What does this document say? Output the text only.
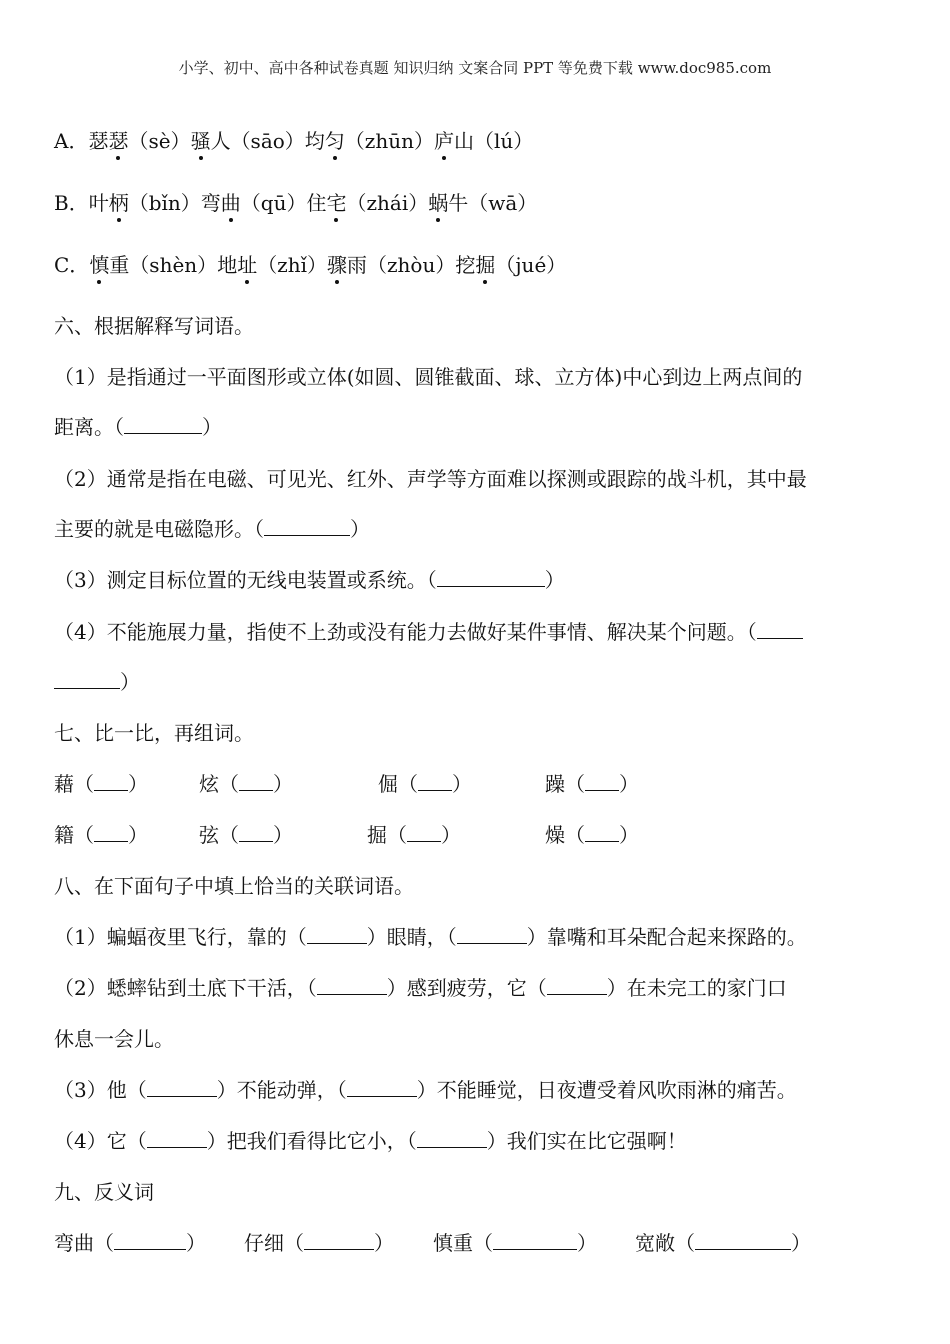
小学、初中、高中各种试卷真题 知识归纳 文案合同 PPT 等免费下载 www.doc985.com
A．瑟瑟（sè）骚人（sāo）均匀（zhūn）庐山（lú）
B．叶柄（bǐn）弯曲（qū）住宅（zhái）蜗牛（wā）
C．慎重（shèn）地址（zhǐ）骤雨（zhòu）挖掘（jué）
六、根据解释写词语。
（1）是指通过一平面图形或立体(如圆、圆锥截面、球、立方体)中心到边上两点间的
距离。（	）
（2）通常是指在电磁、可见光、红外、声学等方面难以探测或跟踪的战斗机，其中最
主要的就是电磁隐形。（	）
（3）测定目标位置的无线电装置或系统。（	）
（4）不能施展力量，指使不上劲或没有能力去做好某件事情、解决某个问题。（
）
七、比一比，再组词。
藉（ ）	炫（ ）	倔（ ）	躁（ ）
籍（ ）	弦（ ）	掘（ ）	燥（ ）
八、在下面句子中填上恰当的关联词语。
（1）蝙蝠夜里飞行，靠的（	）眼睛，（	）靠嘴和耳朵配合起来探路的。
（2）蟋蟀钻到土底下干活，（	）感到疲劳，它（	）在未完工的家门口
休息一会儿。
（3）他（	）不能动弹，（	）不能睡觉，日夜遭受着风吹雨淋的痛苦。
（4）它（	）把我们看得比它小，（	）我们实在比它强啊！
九、反义词
弯曲（	） 仔细（	） 慎重（	） 宽敞（	）
